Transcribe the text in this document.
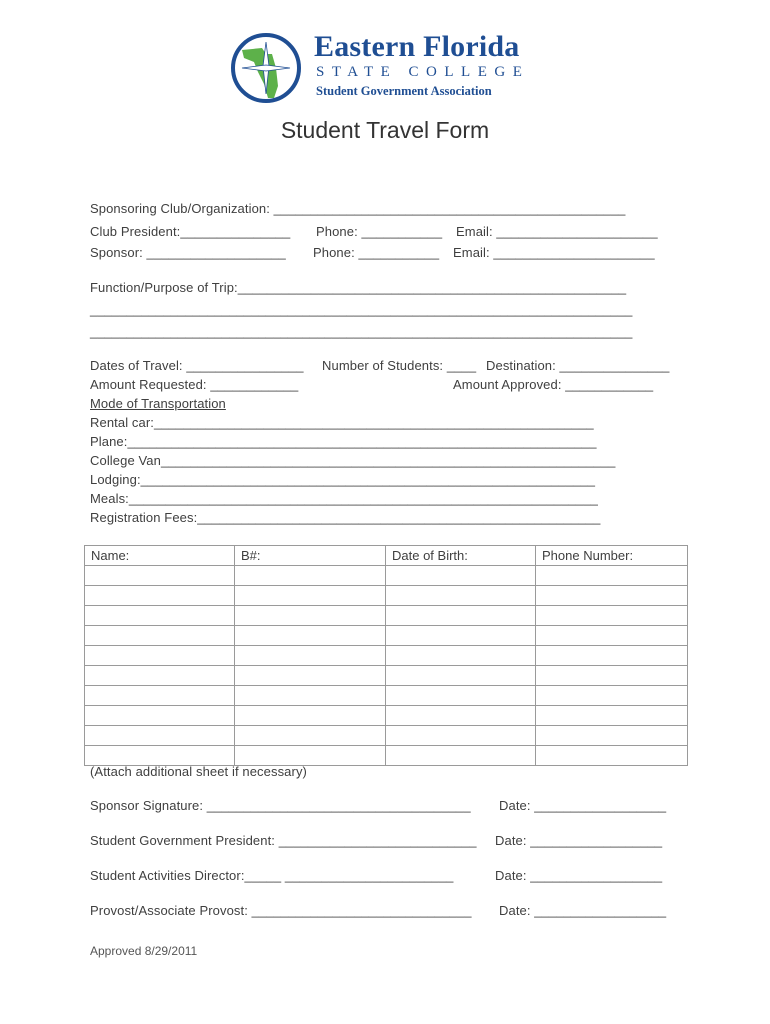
Eastern Florida
STATE COLLEGE
Student Government Association
Student Travel Form
Sponsoring Club/Organization: ________________________________________________
Club President:_______________ Phone: ___________ Email: ______________________
Sponsor: ___________________ Phone: ___________ Email: ______________________
Function/Purpose of Trip:_____________________________________________________
__________________________________________________________________________
__________________________________________________________________________
Dates of Travel: ________________ Number of Students: ____ Destination: _______________
Amount Requested: ____________	Amount Approved: ____________
Mode of Transportation
Rental car:____________________________________________________________
Plane:________________________________________________________________
College Van______________________________________________________________
Lodging:______________________________________________________________
Meals:________________________________________________________________
Registration Fees:_______________________________________________________
Name:	B#:	Date of Birth:	Phone Number:

(Attach additional sheet if necessary)
Sponsor Signature: ____________________________________ Date: __________________
Student Government President: ___________________________ Date: __________________
Student Activities Director:_____ _______________________	Date: __________________
Provost/Associate Provost: ______________________________ Date: __________________
Approved 8/29/2011
